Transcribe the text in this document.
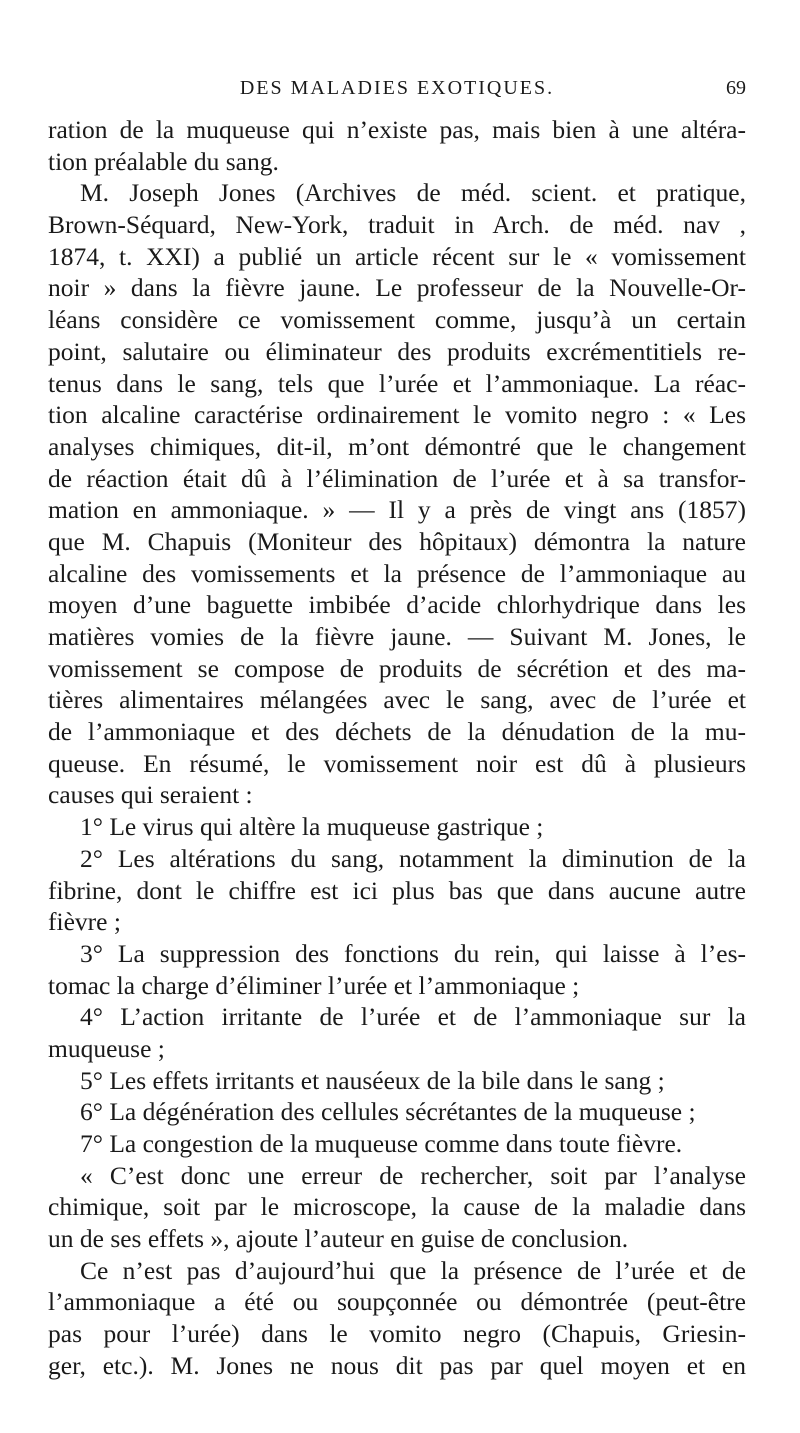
DES MALADIES EXOTIQUES.	69
ration de la muqueuse qui n’existe pas, mais bien à une altéra-
tion préalable du sang.
M. Joseph Jones (Archives de méd. scient. et pratique,
Brown-Séquard, New-York, traduit in Arch. de méd. nav ,
1874, t. XXI) a publié un article récent sur le « vomissement
noir » dans la fièvre jaune. Le professeur de la Nouvelle-Or-
léans considère ce vomissement comme, jusqu’à un certain
point, salutaire ou éliminateur des produits excrémentitiels re-
tenus dans le sang, tels que l’urée et l’ammoniaque. La réac-
tion alcaline caractérise ordinairement le vomito negro : « Les
analyses chimiques, dit-il, m’ont démontré que le changement
de réaction était dû à l’élimination de l’urée et à sa transfor-
mation en ammoniaque. » — Il y a près de vingt ans (1857)
que M. Chapuis (Moniteur des hôpitaux) démontra la nature
alcaline des vomissements et la présence de l’ammoniaque au
moyen d’une baguette imbibée d’acide chlorhydrique dans les
matières vomies de la fièvre jaune. — Suivant M. Jones, le
vomissement se compose de produits de sécrétion et des ma-
tières alimentaires mélangées avec le sang, avec de l’urée et
de l’ammoniaque et des déchets de la dénudation de la mu-
queuse. En résumé, le vomissement noir est dû à plusieurs
causes qui seraient :
1° Le virus qui altère la muqueuse gastrique ;
2° Les altérations du sang, notamment la diminution de la
fibrine, dont le chiffre est ici plus bas que dans aucune autre
fièvre ;
3° La suppression des fonctions du rein, qui laisse à l’es-
tomac la charge d’éliminer l’urée et l’ammoniaque ;
4° L’action irritante de l’urée et de l’ammoniaque sur la
muqueuse ;
5° Les effets irritants et nauséeux de la bile dans le sang ;
6° La dégénération des cellules sécrétantes de la muqueuse ;
7° La congestion de la muqueuse comme dans toute fièvre.
« C’est donc une erreur de rechercher, soit par l’analyse
chimique, soit par le microscope, la cause de la maladie dans
un de ses effets », ajoute l’auteur en guise de conclusion.
Ce n’est pas d’aujourd’hui que la présence de l’urée et de
l’ammoniaque a été ou soupçonnée ou démontrée (peut-être
pas pour l’urée) dans le vomito negro (Chapuis, Griesin-
ger, etc.). M. Jones ne nous dit pas par quel moyen et en
